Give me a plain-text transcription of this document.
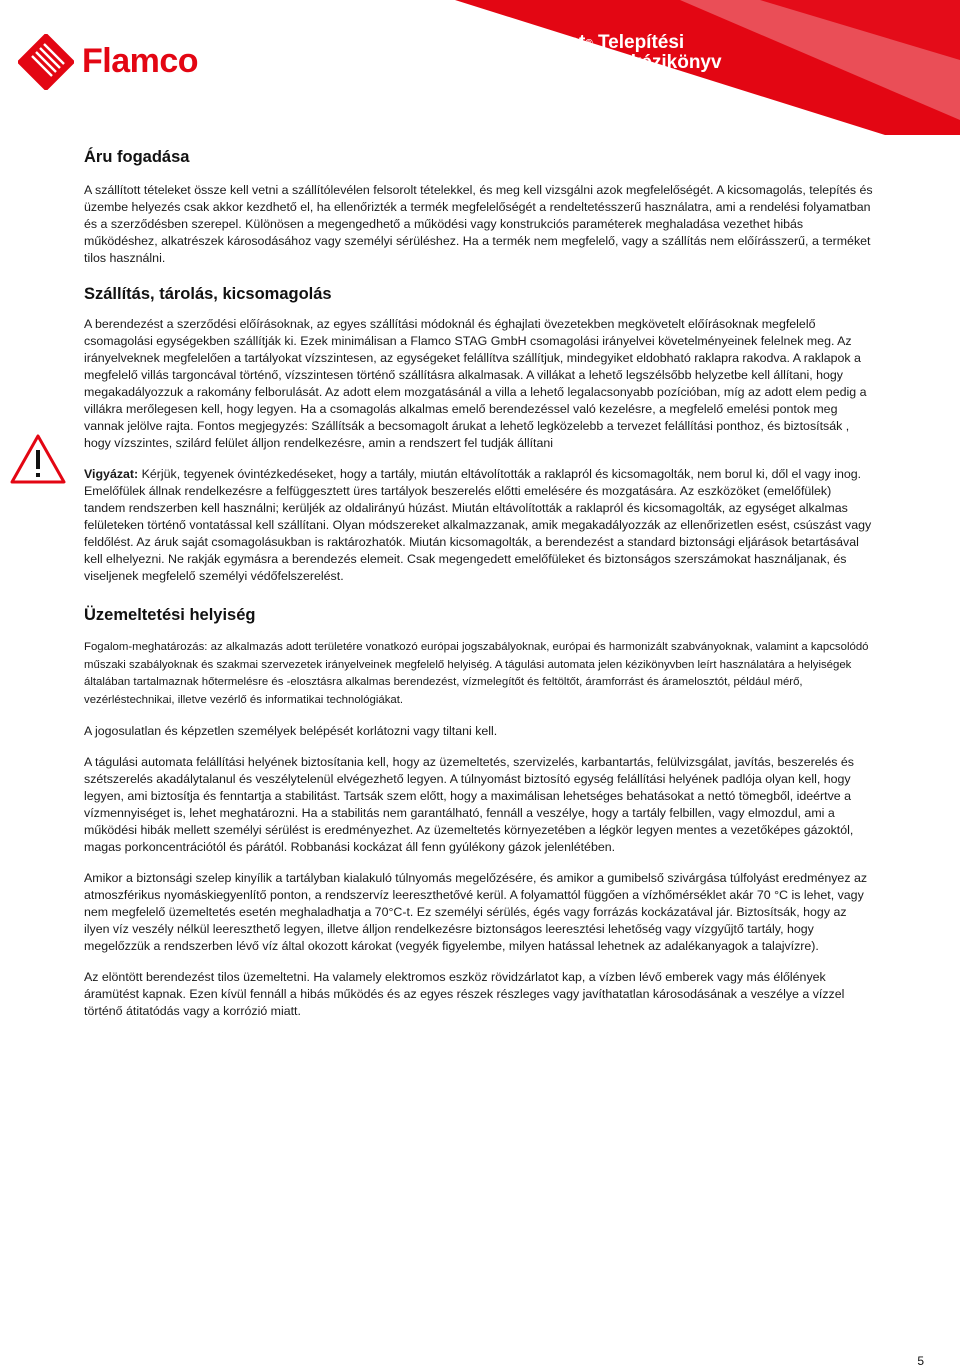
Flamco	Flamcomat® Telepítési
és üzemeltetési kézikönyv
Áru fogadása

A szállított tételeket össze kell vetni a szállítólevélen felsorolt tételekkel, és meg kell vizsgálni azok megfelelőségét. A kicsomagolás, telepítés és üzembe helyezés csak akkor kezdhető el, ha ellenőrizték a termék megfelelőségét a rendeltetésszerű használatra, ami a rendelési folyamatban és a szerződésben szerepel. Különösen a megengedhető a működési vagy konstrukciós paraméterek meghaladása vezethet hibás működéshez, alkatrészek károsodásához vagy személyi sérüléshez. Ha a termék nem megfelelő, vagy a szállítás nem előírásszerű, a terméket tilos használni.

Szállítás, tárolás, kicsomagolás

A berendezést a szerződési előírásoknak, az egyes szállítási módoknál és éghajlati övezetekben megkövetelt előírásoknak megfelelő csomagolási egységekben szállítják ki. Ezek minimálisan a Flamco STAG GmbH csomagolási irányelvei követelményeinek felelnek meg. Az irányelveknek megfelelően a tartályokat vízszintesen, az egységeket felállítva szállítjuk, mindegyiket eldobható raklapra rakodva. A raklapok a megfelelő villás targoncával történő, vízszintesen történő szállításra alkalmasak. A villákat a lehető legszélsőbb helyzetbe kell állítani, hogy megakadályozzuk a rakomány felborulását. Az adott elem mozgatásánál a villa a lehető legalacsonyabb pozícióban, míg az adott elem pedig a villákra merőlegesen kell, hogy legyen. Ha a csomagolás alkalmas emelő berendezéssel való kezelésre, a megfelelő emelési pontok meg vannak jelölve rajta. Fontos megjegyzés: Szállítsák a becsomagolt árukat a lehető legközelebb a tervezet felállítási ponthoz, és biztosítsák , hogy vízszintes, szilárd felület álljon rendelkezésre, amin a rendszert fel tudják állítani

Vigyázat: Kérjük, tegyenek óvintézkedéseket, hogy a tartály, miután eltávolították a raklapról és kicsomagolták, nem borul ki, dől el vagy inog. Emelőfülek állnak rendelkezésre a felfüggesztett üres tartályok beszerelés előtti emelésére és mozgatására. Az eszközöket (emelőfülek) tandem rendszerben kell használni; kerüljék az oldalirányú húzást. Miután eltávolították a raklapról és kicsomagolták, az egységet alkalmas felületeken történő vontatással kell szállítani. Olyan módszereket alkalmazzanak, amik megakadályozzák az ellenőrizetlen esést, csúszást vagy feldőlést. Az áruk saját csomagolásukban is raktározhatók. Miután kicsomagolták, a berendezést a standard biztonsági eljárások betartásával kell elhelyezni. Ne rakják egymásra a berendezés elemeit. Csak megengedett emelőfüleket és biztonságos szerszámokat használjanak, és viseljenek megfelelő személyi védőfelszerelést.

Üzemeltetési helyiség

Fogalom-meghatározás: az alkalmazás adott területére vonatkozó európai jogszabályoknak, európai és harmonizált szabványoknak, valamint a kapcsolódó műszaki szabályoknak és szakmai szervezetek irányelveinek megfelelő helyiség. A tágulási automata jelen kézikönyvben leírt használatára a helyiségek általában tartalmaznak hőtermelésre és -elosztásra alkalmas berendezést, vízmelegítőt és feltöltőt, áramforrást és áramelosztót, például mérő, vezérléstechnikai, illetve vezérlő és informatikai technológiákat.

A jogosulatlan és képzetlen személyek belépését korlátozni vagy tiltani kell.

A tágulási automata felállítási helyének biztosítania kell, hogy az üzemeltetés, szervizelés, karbantartás, felülvizsgálat, javítás, beszerelés és szétszerelés akadálytalanul és veszélytelenül elvégezhető legyen. A túlnyomást biztosító egység felállítási helyének padlója olyan kell, hogy legyen, ami biztosítja és fenntartja a stabilitást. Tartsák szem előtt, hogy a maximálisan lehetséges behatásokat a nettó tömegből, ideértve a vízmennyiséget is, lehet meghatározni. Ha a stabilitás nem garantálható, fennáll a veszélye, hogy a tartály felbillen, vagy elmozdul, ami a működési hibák mellett személyi sérülést is eredményezhet. Az üzemeltetés környezetében a légkör legyen mentes a vezetőképes gázoktól, magas porkoncentrációtól és párától. Robbanási kockázat áll fenn gyúlékony gázok jelenlétében.

Amikor a biztonsági szelep kinyílik a tartályban kialakuló túlnyomás megelőzésére, és amikor a gumibelső szivárgása túlfolyást eredményez az atmoszférikus nyomáskiegyenlítő ponton, a rendszervíz leereszthetővé kerül. A folyamattól függően a vízhőmérséklet akár 70 °C is lehet, vagy nem megfelelő üzemeltetés esetén meghaladhatja a 70°C-t. Ez személyi sérülés, égés vagy forrázás kockázatával jár. Biztosítsák, hogy az ilyen víz veszély nélkül leereszthető legyen, illetve álljon rendelkezésre biztonságos leeresztési lehetőség vagy vízgyűjtő tartály, hogy megelőzzük a rendszerben lévő víz által okozott károkat (vegyék figyelembe, milyen hatással lehetnek az adalékanyagok a talajvízre).

Az elöntött berendezést tilos üzemeltetni. Ha valamely elektromos eszköz rövidzárlatot kap, a vízben lévő emberek vagy más élőlények áramütést kapnak. Ezen kívül fennáll a hibás működés és az egyes részek részleges vagy javíthatatlan károsodásának a veszélye a vízzel történő átitatódás vagy a korrózió miatt.

5
